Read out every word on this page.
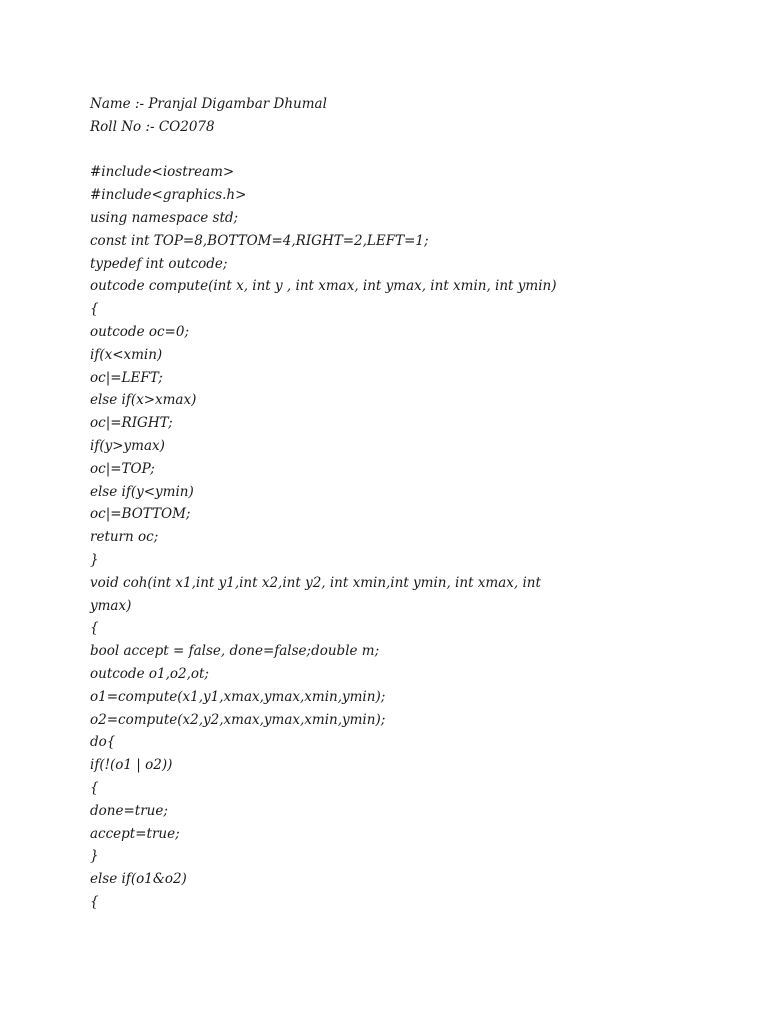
Name :- Pranjal Digambar Dhumal
Roll No :- CO2078
#include<iostream>
#include<graphics.h>
using namespace std;
const int TOP=8,BOTTOM=4,RIGHT=2,LEFT=1;
typedef int outcode;
outcode compute(int x, int y , int xmax, int ymax, int xmin, int ymin)
{
outcode oc=0;
if(x<xmin)
oc|=LEFT;
else if(x>xmax)
oc|=RIGHT;
if(y>ymax)
oc|=TOP;
else if(y<ymin)
oc|=BOTTOM;
return oc;
}
void coh(int x1,int y1,int x2,int y2, int xmin,int ymin, int xmax, int
ymax)
{
bool accept = false, done=false;double m;
outcode o1,o2,ot;
o1=compute(x1,y1,xmax,ymax,xmin,ymin);
o2=compute(x2,y2,xmax,ymax,xmin,ymin);
do{
if(!(o1 | o2))
{
done=true;
accept=true;
}
else if(o1&o2)
{
